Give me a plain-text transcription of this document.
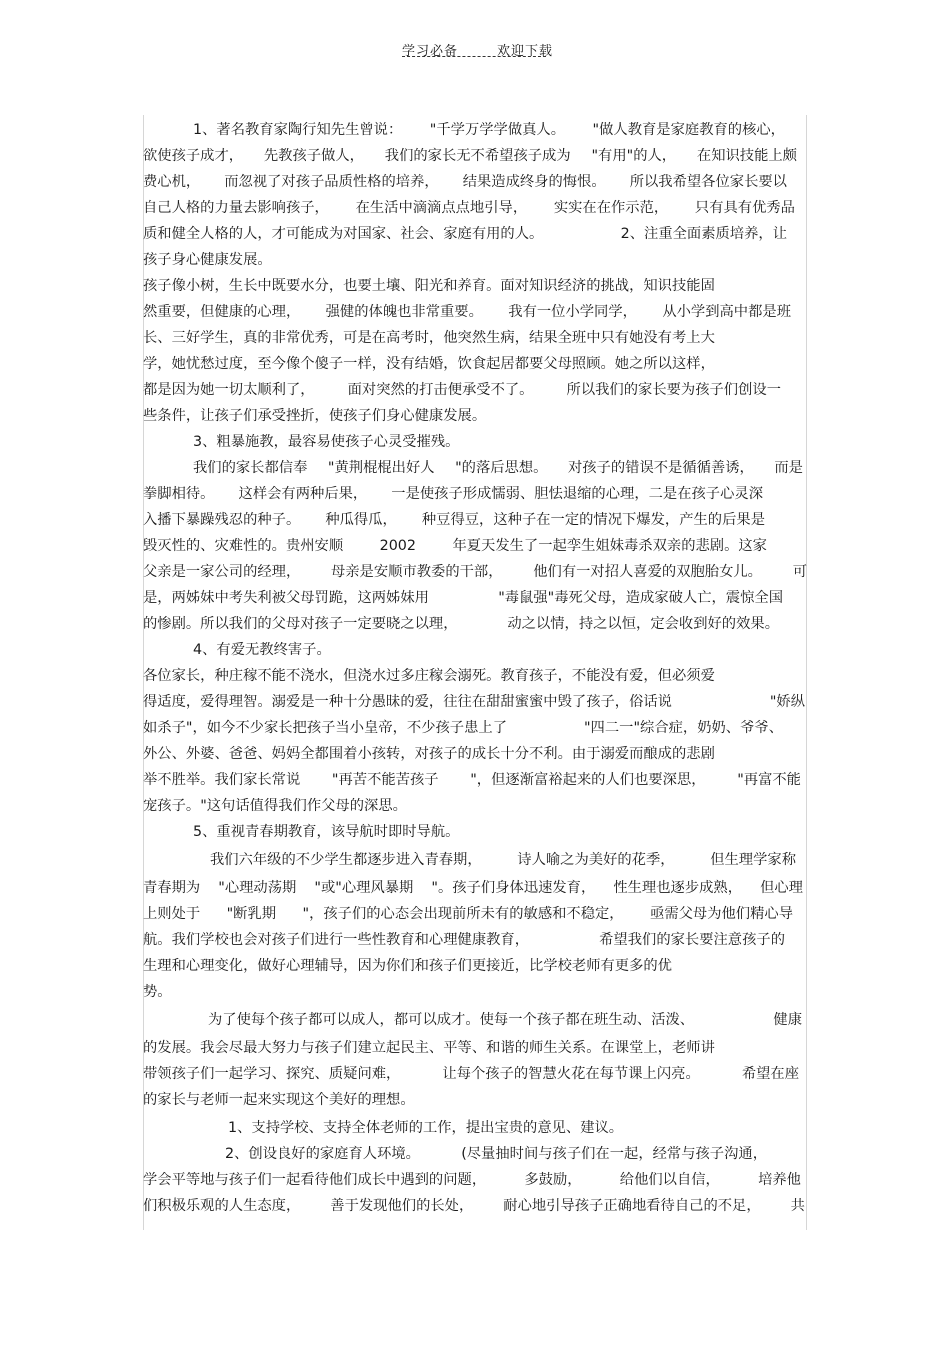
学习必备	欢迎下载
1、著名教育家陶行知先生曾说： "千学万学学做真人。 "做人教育是家庭教育的核心，
欲使孩子成才， 先教孩子做人， 我们的家长无不希望孩子成为 "有用"的人， 在知识技能上颇
费心机， 而忽视了对孩子品质性格的培养， 结果造成终身的悔恨。 所以我希望各位家长要以
自己人格的力量去影响孩子， 在生活中滴滴点点地引导， 实实在在作示范， 只有具有优秀品
质和健全人格的人，才可能成为对国家、社会、家庭有用的人。	2、注重全面素质培养，让
孩子身心健康发展。
孩子像小树，生长中既要水分，也要土壤、阳光和养育。面对知识经济的挑战，知识技能固
然重要，但健康的心理， 强健的体魄也非常重要。 我有一位小学同学， 从小学到高中都是班
长、三好学生，真的非常优秀，可是在高考时，他突然生病，结果全班中只有她没有考上大
学，她忧愁过度，至今像个傻子一样，没有结婚，饮食起居都要父母照顾。她之所以这样，
都是因为她一切太顺利了， 面对突然的打击便承受不了。 所以我们的家长要为孩子们创设一
些条件，让孩子们承受挫折，使孩子们身心健康发展。
3、粗暴施教，最容易使孩子心灵受摧残。
我们的家长都信奉 "黄荆棍棍出好人 "的落后思想。 对孩子的错误不是循循善诱， 而是
拳脚相待。 这样会有两种后果， 一是使孩子形成懦弱、胆怯退缩的心理，二是在孩子心灵深
入播下暴躁残忍的种子。 种瓜得瓜， 种豆得豆，这种子在一定的情况下爆发，产生的后果是
毁灭性的、灾难性的。贵州安顺	2002	年夏天发生了一起孪生姐妹毒杀双亲的悲剧。这家
父亲是一家公司的经理， 母亲是安顺市教委的干部， 他们有一对招人喜爱的双胞胎女儿。 可
是，两姊妹中考失利被父母罚跪，这两姊妹用	"毒鼠强"毒死父母，造成家破人亡，震惊全国
的惨剧。所以我们的父母对孩子一定要晓之以理，	动之以情，持之以恒，定会收到好的效果。
4、有爱无教终害子。
各位家长，种庄稼不能不浇水，但浇水过多庄稼会溺死。教育孩子，不能没有爱，但必须爱
得适度，爱得理智。溺爱是一种十分愚昧的爱，往往在甜甜蜜蜜中毁了孩子，俗话说	"娇纵
如杀子"，如今不少家长把孩子当小皇帝，不少孩子患上了	"四二一"综合症，奶奶、爷爷、
外公、外婆、爸爸、妈妈全都围着小孩转，对孩子的成长十分不利。由于溺爱而酿成的悲剧
举不胜举。我们家长常说 "再苦不能苦孩子 "，但逐渐富裕起来的人们也要深思， "再富不能
宠孩子。 "这句话值得我们作父母的深思。
5、重视青春期教育，该导航时即时导航。
我们六年级的不少学生都逐步进入青春期， 诗人喻之为美好的花季， 但生理学家称
青春期为 "心理动荡期 "或"心理风暴期 "。孩子们身体迅速发育， 性生理也逐步成熟， 但心理
上则处于 "断乳期 "，孩子们的心态会出现前所未有的敏感和不稳定， 亟需父母为他们精心导
航。我们学校也会对孩子们进行一些性教育和心理健康教育，	希望我们的家长要注意孩子的
生理和心理变化，做好心理辅导，因为你们和孩子们更接近，比学校老师有更多的优
势。
为了使每个孩子都可以成人，都可以成才。使每一个孩子都在班生动、活泼、	健康
的发展。我会尽最大努力与孩子们建立起民主、平等、和谐的师生关系。在课堂上，老师讲
带领孩子们一起学习、探究、质疑问难，	让每个孩子的智慧火花在每节课上闪亮。	希望在座
的家长与老师一起来实现这个美好的理想。
1、支持学校、支持全体老师的工作，提出宝贵的意见、建议。
2、创设良好的家庭育人环境。	(尽量抽时间与孩子们在一起，经常与孩子沟通，
学会平等地与孩子们一起看待他们成长中遇到的问题，	多鼓励，	给他们以自信，	培养他
们积极乐观的人生态度， 善于发现他们的长处， 耐心地引导孩子正确地看待自己的不足， 共
